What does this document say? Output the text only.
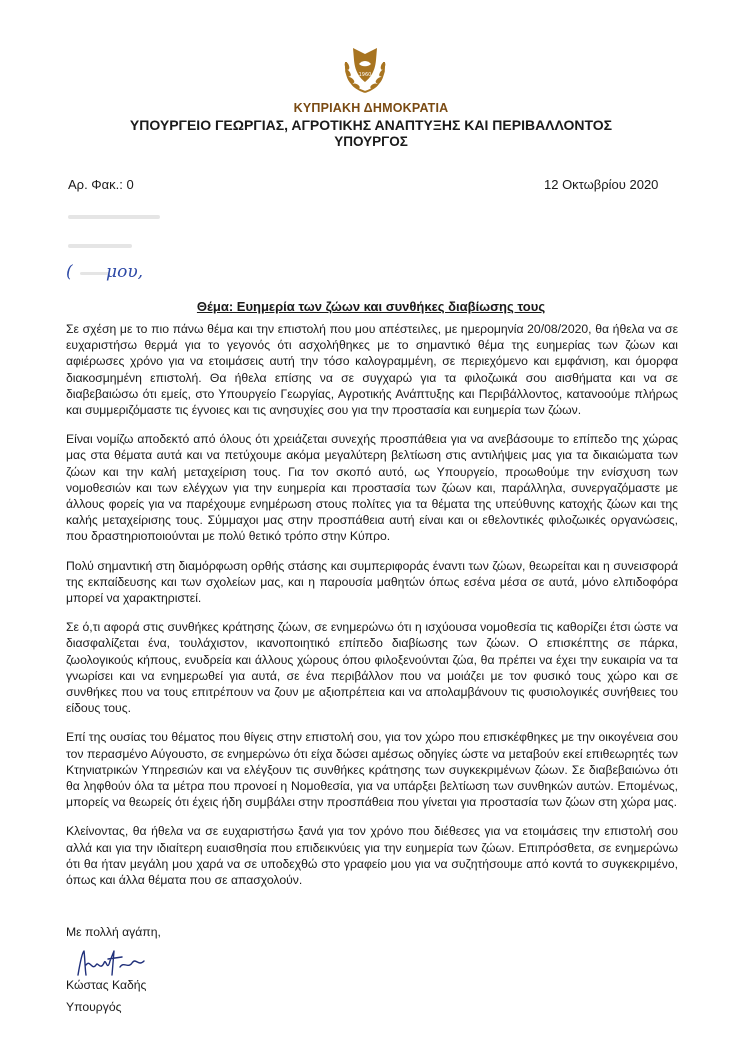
1960
ΚΥΠΡΙΑΚΗ ΔΗΜΟΚΡΑΤΙΑ
ΥΠΟΥΡΓΕΙΟ ΓΕΩΡΓΙΑΣ, ΑΓΡΟΤΙΚΗΣ ΑΝΑΠΤΥΞΗΣ ΚΑΙ ΠΕΡΙΒΑΛΛΟΝΤΟΣ
ΥΠΟΥΡΓΟΣ
Αρ. Φακ.: 0	12 Οκτωβρίου 2020
( μου,
Θέμα: Ευημερία των ζώων και συνθήκες διαβίωσης τους

Σε σχέση με το πιο πάνω θέμα και την επιστολή που μου απέστειλες, με ημερομηνία 20/08/2020, θα ήθελα να σε ευχαριστήσω θερμά για το γεγονός ότι ασχολήθηκες με το σημαντικό θέμα της ευημερίας των ζώων και αφιέρωσες χρόνο για να ετοιμάσεις αυτή την τόσο καλογραμμένη, σε περιεχόμενο και εμφάνιση, και όμορφα διακοσμημένη επιστολή. Θα ήθελα επίσης να σε συγχαρώ για τα φιλοζωικά σου αισθήματα και να σε διαβεβαιώσω ότι εμείς, στο Υπουργείο Γεωργίας, Αγροτικής Ανάπτυξης και Περιβάλλοντος, κατανοούμε πλήρως και συμμεριζόμαστε τις έγνοιες και τις ανησυχίες σου για την προστασία και ευημερία των ζώων.

Είναι νομίζω αποδεκτό από όλους ότι χρειάζεται συνεχής προσπάθεια για να ανεβάσουμε το επίπεδο της χώρας μας στα θέματα αυτά και να πετύχουμε ακόμα μεγαλύτερη βελτίωση στις αντιλήψεις μας για τα δικαιώματα των ζώων και την καλή μεταχείριση τους. Για τον σκοπό αυτό, ως Υπουργείο, προωθούμε την ενίσχυση των νομοθεσιών και των ελέγχων για την ευημερία και προστασία των ζώων και, παράλληλα, συνεργαζόμαστε με άλλους φορείς για να παρέχουμε ενημέρωση στους πολίτες για τα θέματα της υπεύθυνης κατοχής ζώων και της καλής μεταχείρισης τους. Σύμμαχοι μας στην προσπάθεια αυτή είναι και οι εθελοντικές φιλοζωικές οργανώσεις, που δραστηριοποιούνται με πολύ θετικό τρόπο στην Κύπρο.

Πολύ σημαντική στη διαμόρφωση ορθής στάσης και συμπεριφοράς έναντι των ζώων, θεωρείται και η συνεισφορά της εκπαίδευσης και των σχολείων μας, και η παρουσία μαθητών όπως εσένα μέσα σε αυτά, μόνο ελπιδοφόρα μπορεί να χαρακτηριστεί.

Σε ό,τι αφορά στις συνθήκες κράτησης ζώων, σε ενημερώνω ότι η ισχύουσα νομοθεσία τις καθορίζει έτσι ώστε να διασφαλίζεται ένα, τουλάχιστον, ικανοποιητικό επίπεδο διαβίωσης των ζώων. Ο επισκέπτης σε πάρκα, ζωολογικούς κήπους, ενυδρεία και άλλους χώρους όπου φιλοξενούνται ζώα, θα πρέπει να έχει την ευκαιρία να τα γνωρίσει και να ενημερωθεί για αυτά, σε ένα περιβάλλον που να μοιάζει με τον φυσικό τους χώρο και σε συνθήκες που να τους επιτρέπουν να ζουν με αξιοπρέπεια και να απολαμβάνουν τις φυσιολογικές συνήθειες του είδους τους.

Επί της ουσίας του θέματος που θίγεις στην επιστολή σου, για τον χώρο που επισκέφθηκες με την οικογένεια σου τον περασμένο Αύγουστο, σε ενημερώνω ότι είχα δώσει αμέσως οδηγίες ώστε να μεταβούν εκεί επιθεωρητές των Κτηνιατρικών Υπηρεσιών και να ελέγξουν τις συνθήκες κράτησης των συγκεκριμένων ζώων. Σε διαβεβαιώνω ότι θα ληφθούν όλα τα μέτρα που προνοεί η Νομοθεσία, για να υπάρξει βελτίωση των συνθηκών αυτών. Επομένως, μπορείς να θεωρείς ότι έχεις ήδη συμβάλει στην προσπάθεια που γίνεται για προστασία των ζώων στη χώρα μας.

Κλείνοντας, θα ήθελα να σε ευχαριστήσω ξανά για τον χρόνο που διέθεσες για να ετοιμάσεις την επιστολή σου αλλά και για την ιδιαίτερη ευαισθησία που επιδεικνύεις για την ευημερία των ζώων. Επιπρόσθετα, σε ενημερώνω ότι θα ήταν μεγάλη μου χαρά να σε υποδεχθώ στο γραφείο μου για να συζητήσουμε από κοντά το συγκεκριμένο, όπως και άλλα θέματα που σε απασχολούν.

Με πολλή αγάπη,
Κώστας Καδής
Υπουργός
